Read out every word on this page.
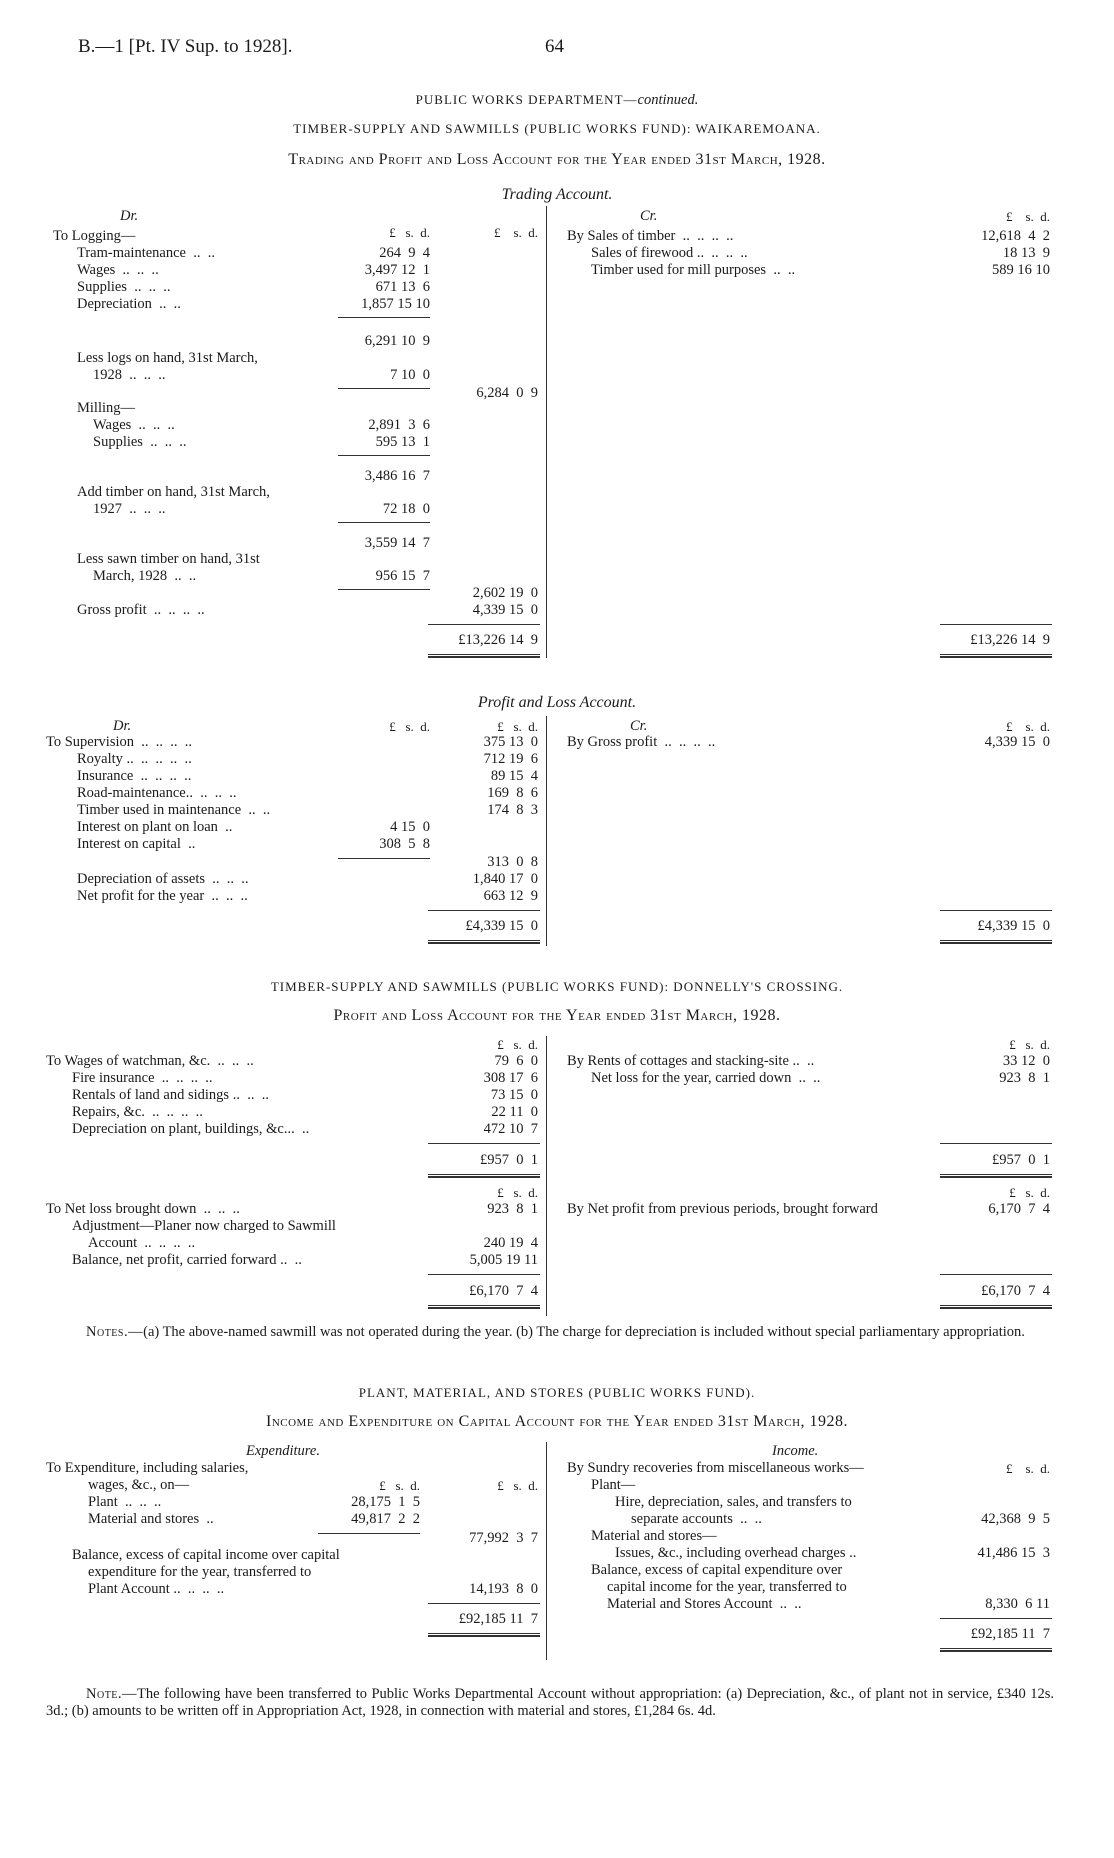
B.—1 [Pt. IV Sup. to 1928].	64
PUBLIC WORKS DEPARTMENT—continued.
TIMBER-SUPPLY AND SAWMILLS (PUBLIC WORKS FUND): WAIKAREMOANA.
Trading and Profit and Loss Account for the Year ended 31st March, 1928.
Trading Account.
Dr.
£   s.  d.	£    s.  d.
To Logging—
Tram-maintenance  ..  ..	264  9  4
Wages  ..  ..  ..	3,497 12  1
Supplies  ..  ..  ..	671 13  6
Depreciation  ..  ..	1,857 15 10
6,291 10  9
Less logs on hand, 31st March,
1928  ..  ..  ..	7 10  0
6,284  0  9
Milling—
Wages  ..  ..  ..	2,891  3  6
Supplies  ..  ..  ..	595 13  1
3,486 16  7
Add timber on hand, 31st March,
1927  ..  ..  ..	72 18  0
3,559 14  7
Less sawn timber on hand, 31st
March, 1928  ..  ..	956 15  7
2,602 19  0
Gross profit  ..  ..  ..  ..	4,339 15  0
£13,226 14  9
Cr.	£    s.  d.
By Sales of timber  ..  ..  ..  ..	12,618  4  2
Sales of firewood ..  ..  ..  ..	18 13  9
Timber used for mill purposes  ..  ..	589 16 10
£13,226 14  9
Profit and Loss Account.
Dr.	£   s.  d.	£   s.  d.
To Supervision  ..  ..  ..  ..	375 13  0
Royalty ..  ..  ..  ..  ..	712 19  6
Insurance  ..  ..  ..  ..	89 15  4
Road-maintenance..  ..  ..  ..	169  8  6
Timber used in maintenance  ..  ..	174  8  3
Interest on plant on loan  ..	4 15  0
Interest on capital  ..	308  5  8
313  0  8
Depreciation of assets  ..  ..  ..	1,840 17  0
Net profit for the year  ..  ..  ..	663 12  9
£4,339 15  0
Cr.	£    s.  d.
By Gross profit  ..  ..  ..  ..	4,339 15  0
£4,339 15  0
TIMBER-SUPPLY AND SAWMILLS (PUBLIC WORKS FUND): DONNELLY'S CROSSING.
Profit and Loss Account for the Year ended 31st March, 1928.
£   s.  d.	£   s.  d.
To Wages of watchman, &c.  ..  ..  ..	79  6  0
Fire insurance  ..  ..  ..  ..	308 17  6
Rentals of land and sidings ..  ..  ..	73 15  0
Repairs, &c.  ..  ..  ..  ..	22 11  0
Depreciation on plant, buildings, &c...  ..	472 10  7
£957  0  1
By Rents of cottages and stacking-site ..  ..	33 12  0
Net loss for the year, carried down  ..  ..	923  8  1
£957  0  1
£   s.  d.	£   s.  d.
To Net loss brought down  ..  ..  ..	923  8  1
Adjustment—Planer now charged to Sawmill
Account  ..  ..  ..  ..	240 19  4
Balance, net profit, carried forward ..  ..	5,005 19 11
£6,170  7  4
By Net profit from previous periods, brought forward	6,170  7  4
£6,170  7  4
Notes.—(a) The above-named sawmill was not operated during the year. (b) The charge for depreciation is included without special parliamentary appropriation.
PLANT, MATERIAL, AND STORES (PUBLIC WORKS FUND).
Income and Expenditure on Capital Account for the Year ended 31st March, 1928.
Expenditure.	Income.
To Expenditure, including salaries,
wages, &c., on—	£   s.  d.	£   s.  d.
Plant  ..  ..  ..	28,175  1  5
Material and stores  ..	49,817  2  2
77,992  3  7
Balance, excess of capital income over capital
expenditure for the year, transferred to
Plant Account ..  ..  ..  ..	14,193  8  0
£92,185 11  7
By Sundry recoveries from miscellaneous works—	£    s.  d.
Plant—
Hire, depreciation, sales, and transfers to
separate accounts  ..  ..	42,368  9  5
Material and stores—
Issues, &c., including overhead charges ..	41,486 15  3
Balance, excess of capital expenditure over
capital income for the year, transferred to
Material and Stores Account  ..  ..	8,330  6 11
£92,185 11  7
Note.—The following have been transferred to Public Works Departmental Account without appropriation: (a) Depreciation, &c., of plant not in service, £340 12s. 3d.; (b) amounts to be written off in Appropriation Act, 1928, in connection with material and stores, £1,284 6s. 4d.
